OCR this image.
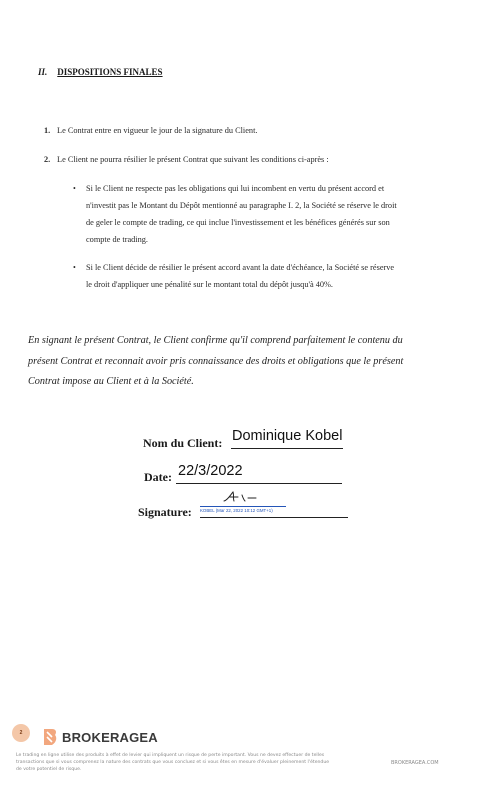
II. DISPOSITIONS FINALES
1. Le Contrat entre en vigueur le jour de la signature du Client.
2. Le Client ne pourra résilier le présent Contrat que suivant les conditions ci-après :
• Si le Client ne respecte pas les obligations qui lui incombent en vertu du présent accord et
n'investit pas le Montant du Dépôt mentionné au paragraphe I. 2, la Société se réserve le droit
de geler le compte de trading, ce qui inclue l'investissement et les bénéfices générés sur son
compte de trading.
• Si le Client décide de résilier le présent accord avant la date d'échéance, la Société se réserve
le droit d'appliquer une pénalité sur le montant total du dépôt jusqu'à 40%.
En signant le présent Contrat, le Client confirme qu'il comprend parfaitement le contenu du
présent Contrat et reconnait avoir pris connaissance des droits et obligations que le présent
Contrat impose au Client et à la Société.
Nom du Client: Dominique Kobel
Date: 22/3/2022
Signature: KOBEL (Mar 22, 2022 10:12 GMT+1)
2	BROKERAGEA
Le trading en ligne utilise des produits à effet de levier qui impliquent un risque de perte important. Vous ne devez effectuer de telles
transactions que si vous comprenez la nature des contrats que vous concluez et si vous êtes en mesure d'évaluer pleinement l'étendue
de votre potentiel de risque.
BROKERAGEA.COM
